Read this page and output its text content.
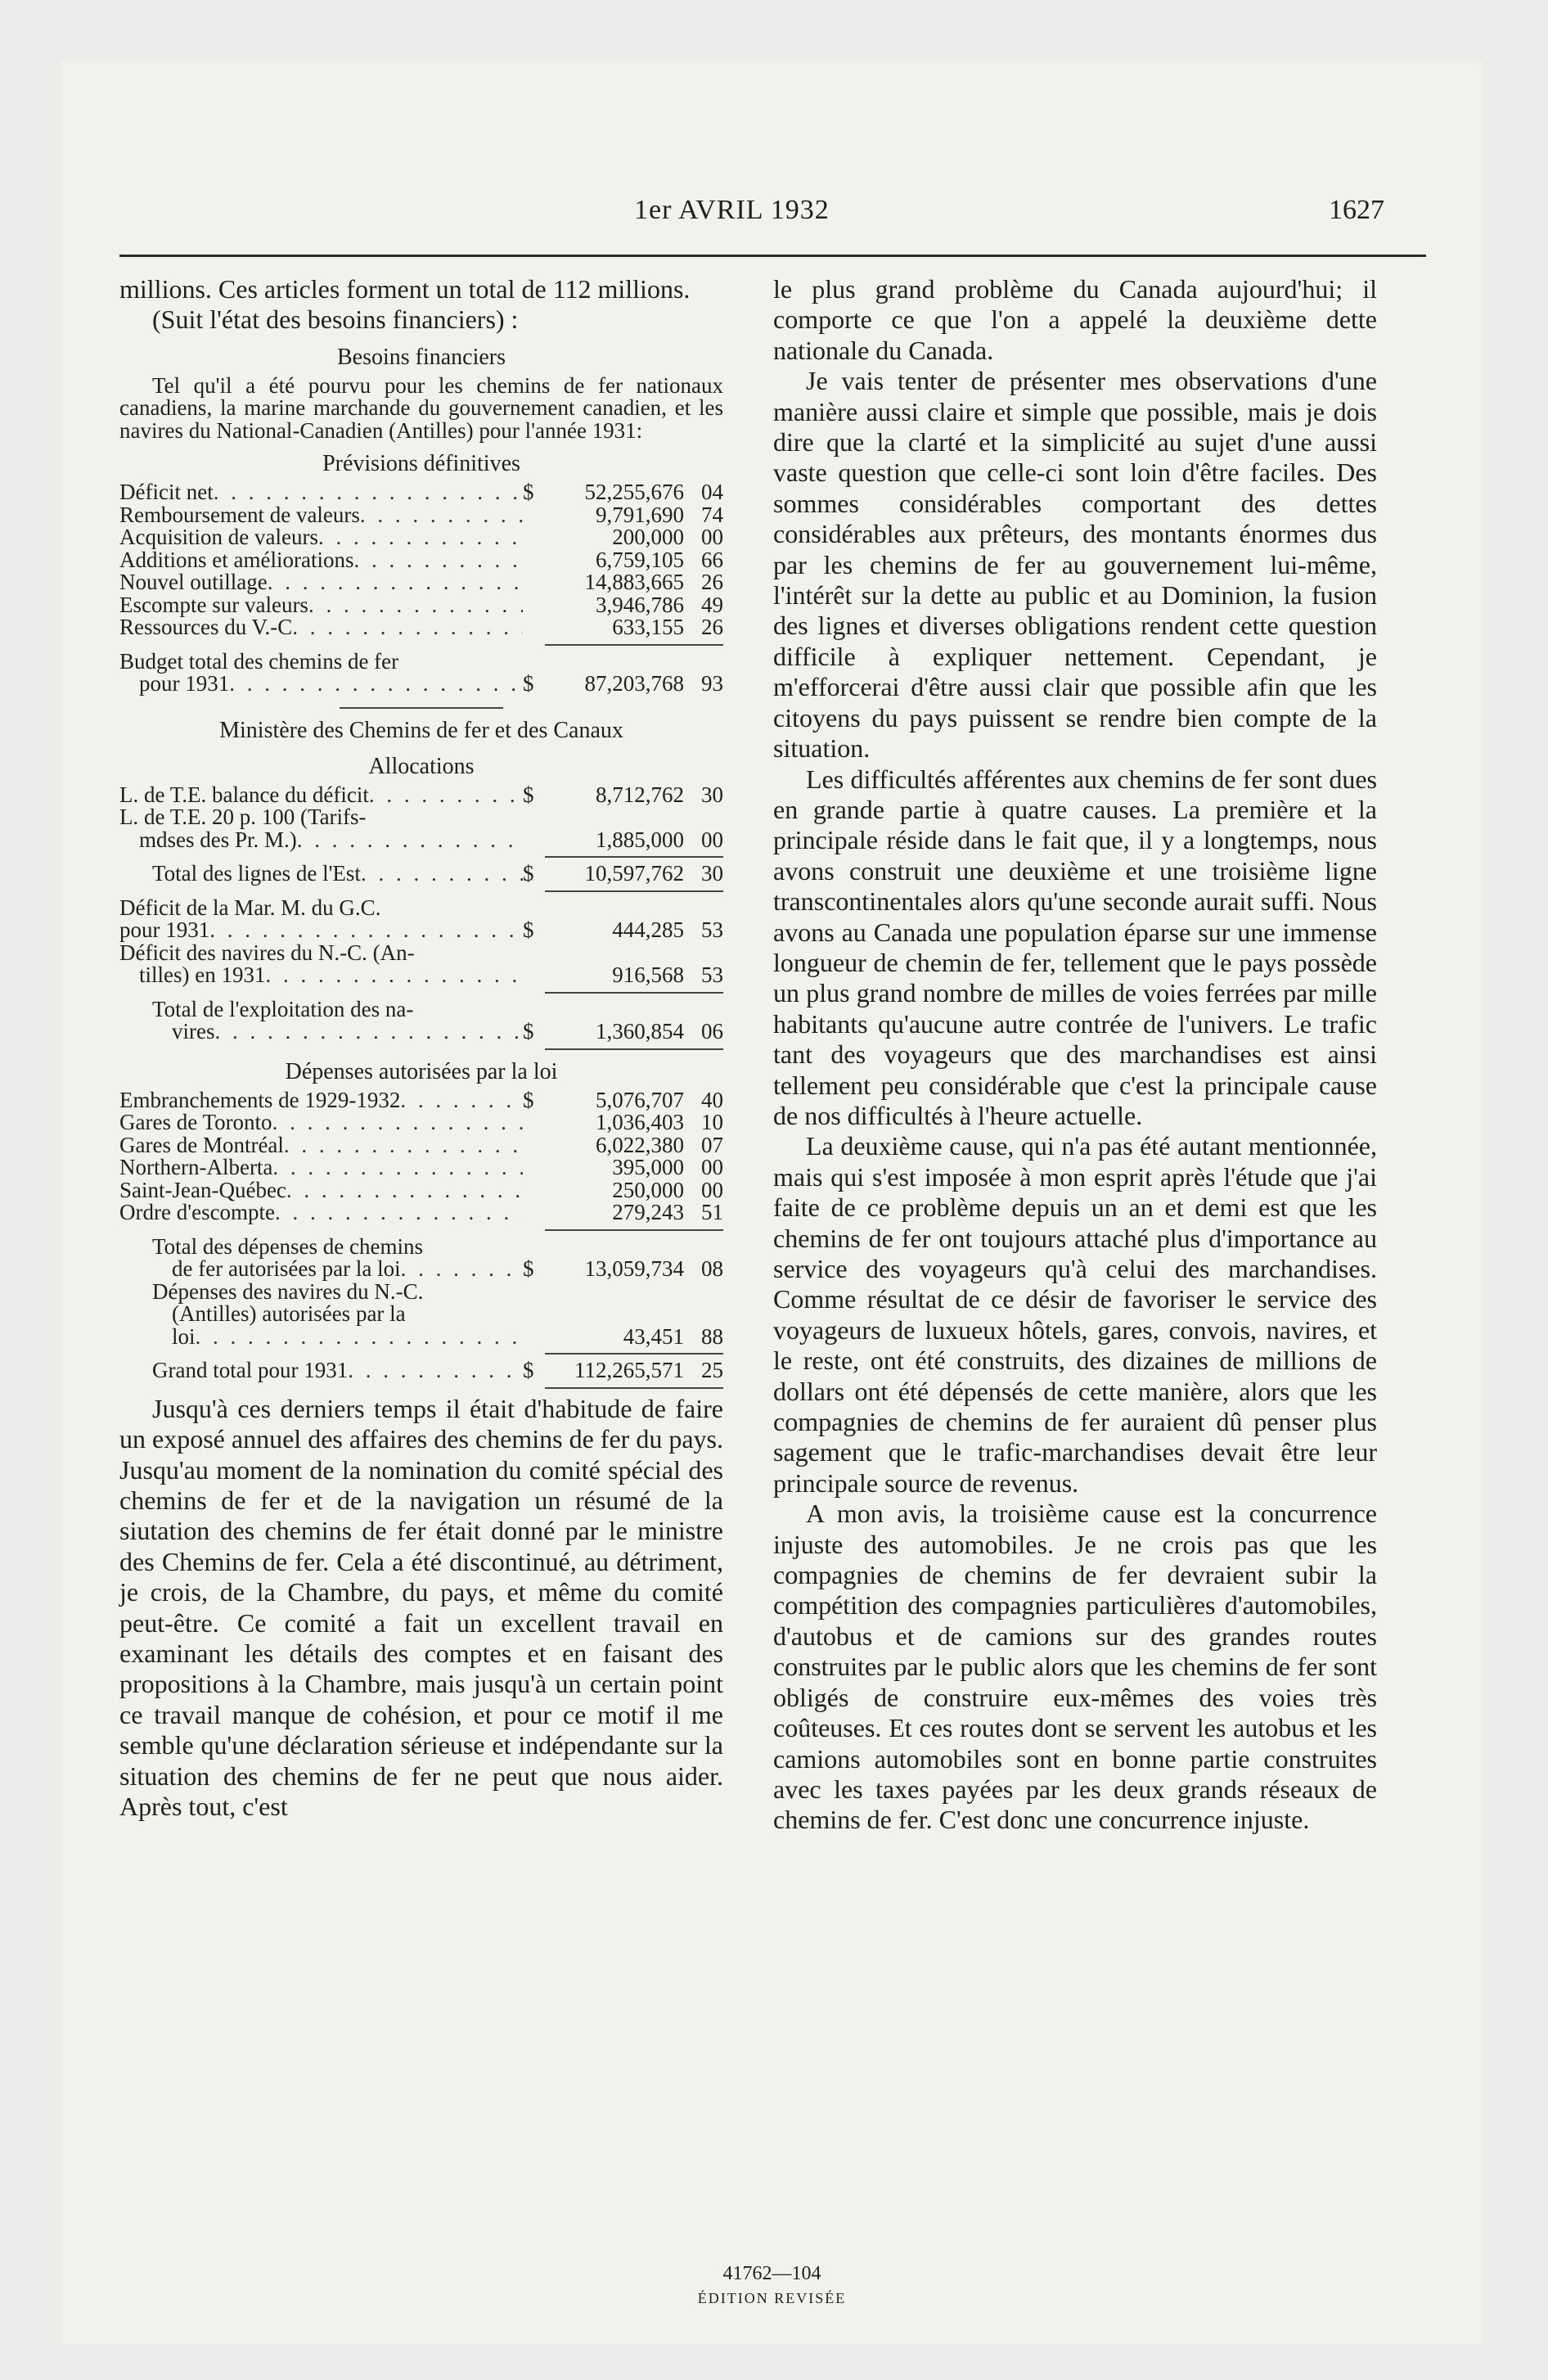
1er AVRIL 1932	1627

millions. Ces articles forment un total de 112 millions.

(Suit l'état des besoins financiers) :

Besoins financiers

Tel qu'il a été pourvu pour les chemins de fer nationaux canadiens, la marine marchande du gouvernement canadien, et les navires du National-Canadien (Antilles) pour l'année 1931:

Prévisions définitives
Déficit net . . .	$	52,255,676 04
Remboursement de valeurs . . .	9,791,690 74
Acquisition de valeurs . . .	200,000 00
Additions et améliorations . . .	6,759,105 66
Nouvel outillage . . .	14,883,665 26
Escompte sur valeurs . . .	3,946,786 49
Ressources du V.-C . . .	633,155 26
Budget total des chemins de fer
pour 1931 . . .	$	87,203,768 93
Ministère des Chemins de fer et des Canaux
Allocations
L. de T.E. balance du déficit . . .	$	8,712,762 30
L. de T.E. 20 p. 100 (Tarifs-
mdses des Pr. M.) . . .	1,885,000 00
Total des lignes de l'Est . . .	$	10,597,762 30
Déficit de la Mar. M. du G.C.
pour 1931 . . .	$	444,285 53
Déficit des navires du N.-C. (An-
tilles) en 1931 . . .	916,568 53
Total de l'exploitation des na-
vires . . .	$	1,360,854 06
Dépenses autorisées par la loi
Embranchements de 1929-1932 . . .	$	5,076,707 40
Gares de Toronto . . .	1,036,403 10
Gares de Montréal . . .	6,022,380 07
Northern-Alberta . . .	395,000 00
Saint-Jean-Québec . . .	250,000 00
Ordre d'escompte . . .	279,243 51
Total des dépenses de chemins
de fer autorisées par la loi . . .	$	13,059,734 08
Dépenses des navires du N.-C.
(Antilles) autorisées par la
loi . . .	43,451 88
Grand total pour 1931 . . .	$	112,265,571 25

Jusqu'à ces derniers temps il était d'habitude de faire un exposé annuel des affaires des chemins de fer du pays. Jusqu'au moment de la nomination du comité spécial des chemins de fer et de la navigation un résumé de la siutation des chemins de fer était donné par le ministre des Chemins de fer. Cela a été discontinué, au détriment, je crois, de la Chambre, du pays, et même du comité peut-être. Ce comité a fait un excellent travail en examinant les détails des comptes et en faisant des propositions à la Chambre, mais jusqu'à un certain point ce travail manque de cohésion, et pour ce motif il me semble qu'une déclaration sérieuse et indépendante sur la situation des chemins de fer ne peut que nous aider. Après tout, c'est

le plus grand problème du Canada aujourd'hui; il comporte ce que l'on a appelé la deuxième dette nationale du Canada.

Je vais tenter de présenter mes observations d'une manière aussi claire et simple que possible, mais je dois dire que la clarté et la simplicité au sujet d'une aussi vaste question que celle-ci sont loin d'être faciles. Des sommes considérables comportant des dettes considérables aux prêteurs, des montants énormes dus par les chemins de fer au gouvernement lui-même, l'intérêt sur la dette au public et au Dominion, la fusion des lignes et diverses obligations rendent cette question difficile à expliquer nettement. Cependant, je m'efforcerai d'être aussi clair que possible afin que les citoyens du pays puissent se rendre bien compte de la situation.

Les difficultés afférentes aux chemins de fer sont dues en grande partie à quatre causes. La première et la principale réside dans le fait que, il y a longtemps, nous avons construit une deuxième et une troisième ligne transcontinentales alors qu'une seconde aurait suffi. Nous avons au Canada une population éparse sur une immense longueur de chemin de fer, tellement que le pays possède un plus grand nombre de milles de voies ferrées par mille habitants qu'aucune autre contrée de l'univers. Le trafic tant des voyageurs que des marchandises est ainsi tellement peu considérable que c'est la principale cause de nos difficultés à l'heure actuelle.

La deuxième cause, qui n'a pas été autant mentionnée, mais qui s'est imposée à mon esprit après l'étude que j'ai faite de ce problème depuis un an et demi est que les chemins de fer ont toujours attaché plus d'importance au service des voyageurs qu'à celui des marchandises. Comme résultat de ce désir de favoriser le service des voyageurs de luxueux hôtels, gares, convois, navires, et le reste, ont été construits, des dizaines de millions de dollars ont été dépensés de cette manière, alors que les compagnies de chemins de fer auraient dû penser plus sagement que le trafic-marchandises devait être leur principale source de revenus.

A mon avis, la troisième cause est la concurrence injuste des automobiles. Je ne crois pas que les compagnies de chemins de fer devraient subir la compétition des compagnies particulières d'automobiles, d'autobus et de camions sur des grandes routes construites par le public alors que les chemins de fer sont obligés de construire eux-mêmes des voies très coûteuses. Et ces routes dont se servent les autobus et les camions automobiles sont en bonne partie construites avec les taxes payées par les deux grands réseaux de chemins de fer. C'est donc une concurrence injuste.

41762—104
ÉDITION REVISÉE
